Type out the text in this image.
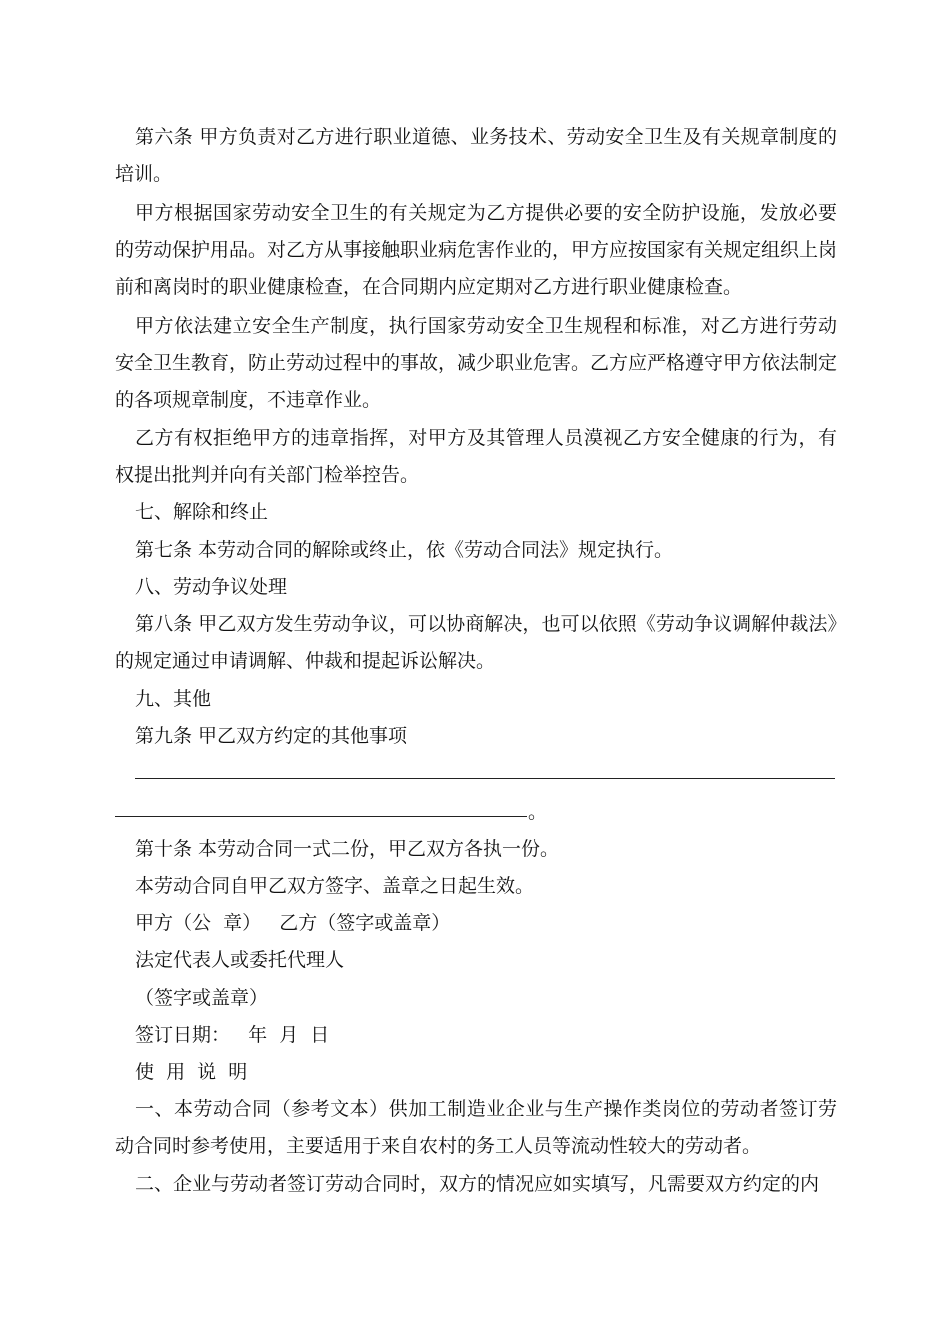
第六条 甲方负责对乙方进行职业道德、业务技术、劳动安全卫生及有关规章制度的培训。
甲方根据国家劳动安全卫生的有关规定为乙方提供必要的安全防护设施，发放必要的劳动保护用品。对乙方从事接触职业病危害作业的，甲方应按国家有关规定组织上岗前和离岗时的职业健康检查，在合同期内应定期对乙方进行职业健康检查。
甲方依法建立安全生产制度，执行国家劳动安全卫生规程和标准，对乙方进行劳动安全卫生教育，防止劳动过程中的事故，减少职业危害。乙方应严格遵守甲方依法制定的各项规章制度，不违章作业。
乙方有权拒绝甲方的违章指挥，对甲方及其管理人员漠视乙方安全健康的行为，有权提出批判并向有关部门检举控告。
七、解除和终止
第七条 本劳动合同的解除或终止，依《劳动合同法》规定执行。
八、劳动争议处理
第八条 甲乙双方发生劳动争议，可以协商解决，也可以依照《劳动争议调解仲裁法》的规定通过申请调解、仲裁和提起诉讼解决。
九、其他
第九条 甲乙双方约定的其他事项
。
第十条 本劳动合同一式二份，甲乙双方各执一份。
本劳动合同自甲乙双方签字、盖章之日起生效。
甲方（公  章）   乙方（签字或盖章）
法定代表人或委托代理人
（签字或盖章）
签订日期：   年  月  日
使  用  说  明
一、本劳动合同（参考文本）供加工制造业企业与生产操作类岗位的劳动者签订劳动合同时参考使用，主要适用于来自农村的务工人员等流动性较大的劳动者。
二、企业与劳动者签订劳动合同时，双方的情况应如实填写，凡需要双方约定的内
